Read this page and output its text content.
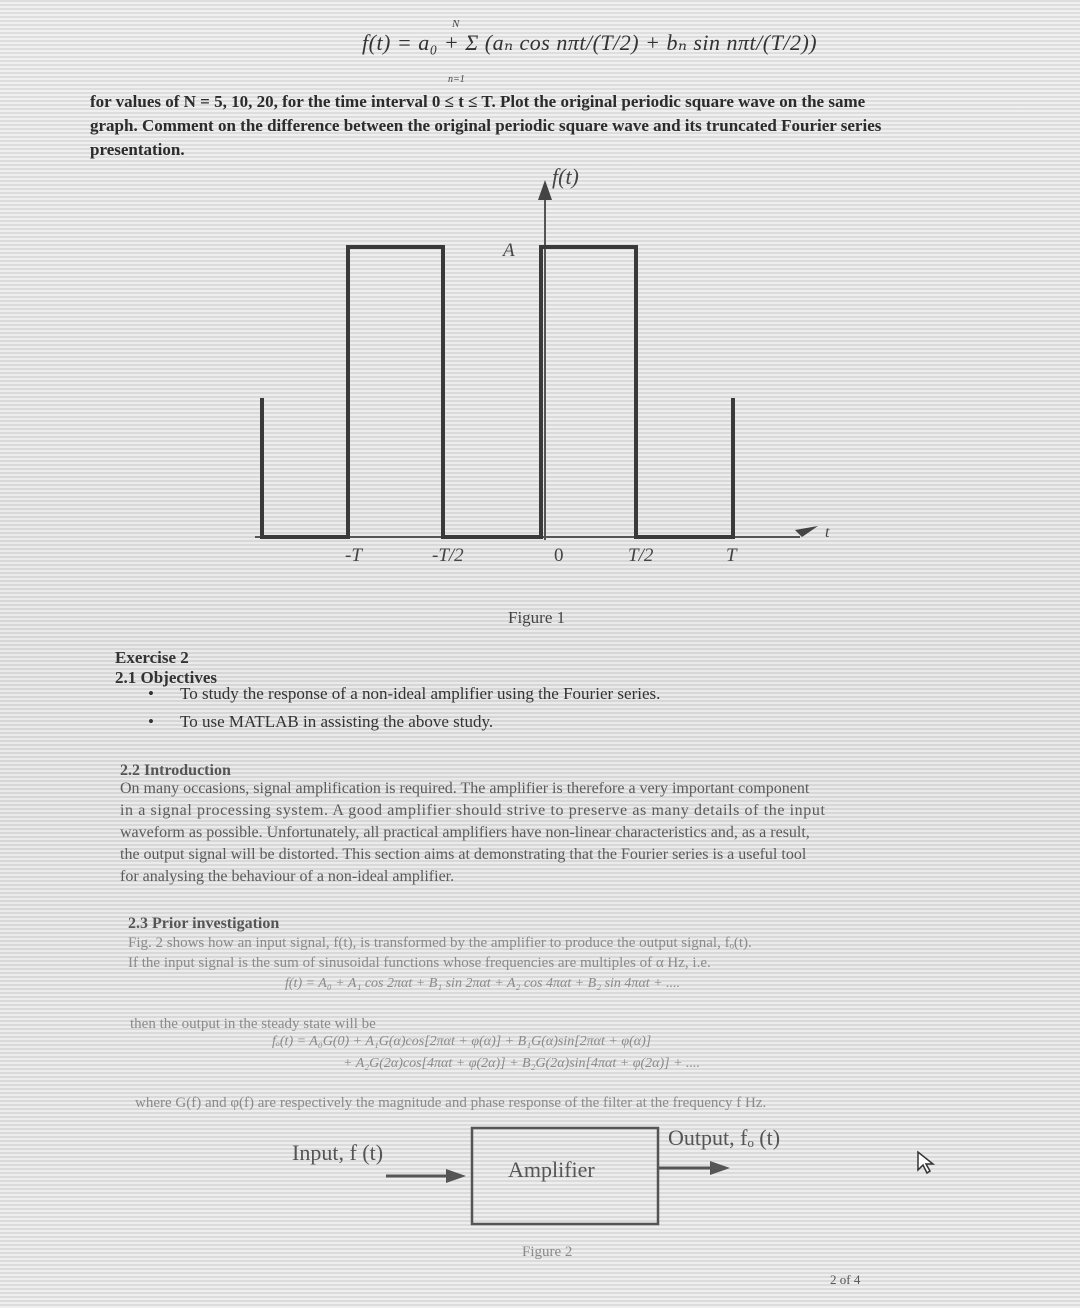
f(t) = a₀ + Σ (aₙ cos nπt/(T/2) + bₙ sin nπt/(T/2))
N
n=1
for values of N = 5, 10, 20, for the time interval 0 ≤ t ≤ T. Plot the original periodic square wave on the same
graph. Comment on the difference between the original periodic square wave and its truncated Fourier series
presentation.
f(t)
A
t
-T	-T/2	0	T/2	T
Figure 1
Exercise 2
2.1 Objectives
• To study the response of a non-ideal amplifier using the Fourier series.
• To use MATLAB in assisting the above study.
2.2 Introduction
On many occasions, signal amplification is required. The amplifier is therefore a very important component
in a signal processing system. A good amplifier should strive to preserve as many details of the input
waveform as possible. Unfortunately, all practical amplifiers have non-linear characteristics and, as a result,
the output signal will be distorted. This section aims at demonstrating that the Fourier series is a useful tool
for analysing the behaviour of a non-ideal amplifier.
2.3 Prior investigation
Fig. 2 shows how an input signal, f(t), is transformed by the amplifier to produce the output signal, fₒ(t).
If the input signal is the sum of sinusoidal functions whose frequencies are multiples of α Hz, i.e.
f(t) = A₀ + A₁ cos 2παt + B₁ sin 2παt + A₂ cos 4παt + B₂ sin 4παt + ....
then the output in the steady state will be
fₒ(t) = A₀G(0) + A₁G(α)cos[2παt + φ(α)] + B₁G(α)sin[2παt + φ(α)]
+ A₂G(2α)cos[4παt + φ(2α)] + B₂G(2α)sin[4παt + φ(2α)] + ....
where G(f) and φ(f) are respectively the magnitude and phase response of the filter at the frequency f Hz.
Input, f (t)
Amplifier
Output, fₒ (t)
Figure 2
2 of 4
